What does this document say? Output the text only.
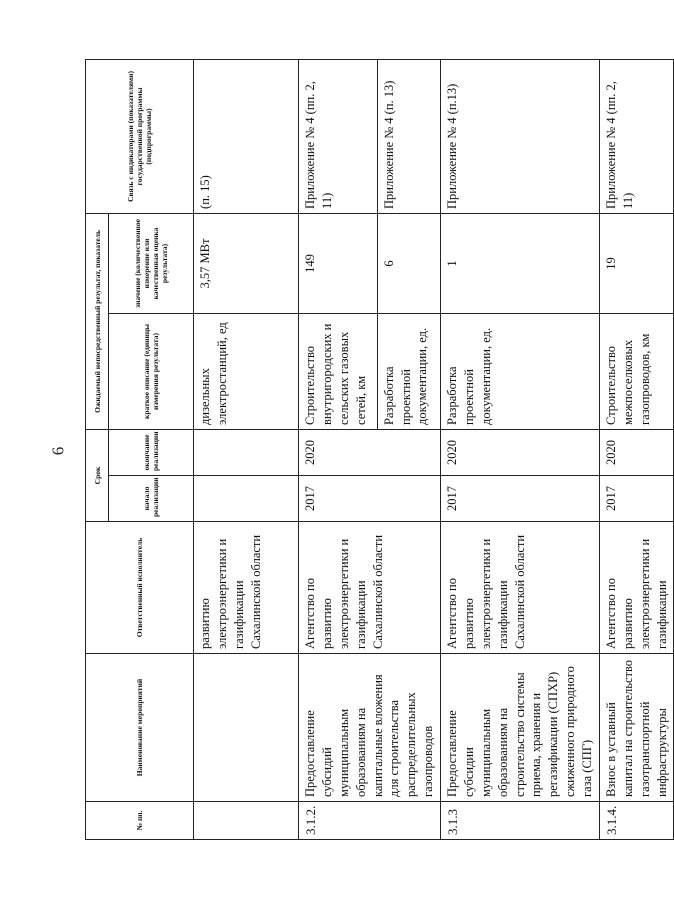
6
№ пп.	Наименование мероприятий	Ответственный исполнитель	Срок		Ожидаемый непосредственный результат, показатель		Связь с индикаторами (показателями) государственной программы (подпрограммы)
			начало реализации	окончание реализации	краткое описание (единицы измерения результата)	значение (количественное измерение или качественная оценка результата)	
		развитию электроэнергетики и газификации Сахалинской области			дизельных электростанций, ед	3,57 МВт	(п. 15)
3.1.2.	Предоставление субсидий муниципальным образованиям на капитальные вложения для строительства распределительных газопроводов	Агентство по развитию электроэнергетики и газификации Сахалинской области	2017	2020	Строительство внутригородских и сельских газовых сетей, км	149	Приложение № 4 (пп. 2, 11)
					Разработка проектной документации, ед.	6	Приложение № 4 (п. 13)
3.1.3	Предоставление субсидии муниципальным образованиям на строительство системы приема, хранения и регазификации (СПХР) сжиженного природного газа (СПГ)	Агентство по развитию электроэнергетики и газификации Сахалинской области	2017	2020	Разработка проектной документации, ед.	1	Приложение № 4 (п.13)
3.1.4.	Взнос в уставный капитал на строительство газотранспортной инфраструктуры	Агентство по развитию электроэнергетики и газификации	2017	2020	Строительство межпоселковых газопроводов, км	19	Приложение № 4 (пп. 2, 11)
